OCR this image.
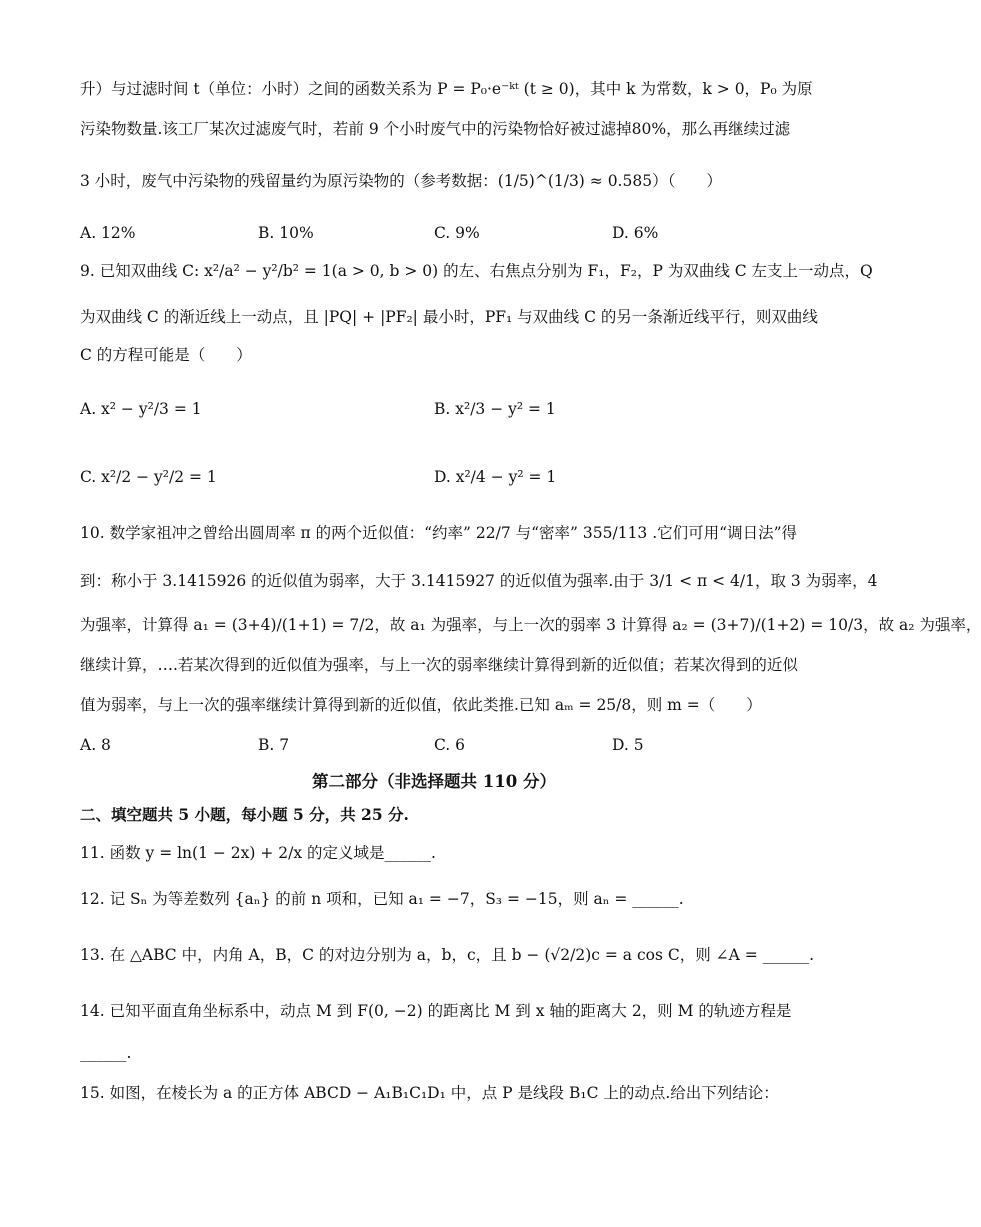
升）与过滤时间 t（单位：小时）之间的函数关系为 P = P₀·e⁻ᵏᵗ (t ≥ 0)，其中 k 为常数，k > 0，P₀ 为原
污染物数量.该工厂某次过滤废气时，若前 9 个小时废气中的污染物恰好被过滤掉80%，那么再继续过滤
3 小时，废气中污染物的残留量约为原污染物的（参考数据：(1/5)^(1/3) ≈ 0.585）（　　）
A. 12%	B. 10%	C. 9%	D. 6%
9. 已知双曲线 C: x²/a² − y²/b² = 1(a > 0, b > 0) 的左、右焦点分别为 F₁，F₂，P 为双曲线 C 左支上一动点，Q
为双曲线 C 的渐近线上一动点，且 |PQ| + |PF₂| 最小时，PF₁ 与双曲线 C 的另一条渐近线平行，则双曲线
C 的方程可能是（　　）
A. x² − y²/3 = 1	B. x²/3 − y² = 1
C. x²/2 − y²/2 = 1	D. x²/4 − y² = 1
10. 数学家祖冲之曾给出圆周率 π 的两个近似值：“约率” 22/7 与“密率” 355/113 .它们可用“调日法”得
到：称小于 3.1415926 的近似值为弱率，大于 3.1415927 的近似值为强率.由于 3/1 < π < 4/1，取 3 为弱率，4
为强率，计算得 a₁ = (3+4)/(1+1) = 7/2，故 a₁ 为强率，与上一次的弱率 3 计算得 a₂ = (3+7)/(1+2) = 10/3，故 a₂ 为强率，
继续计算，….若某次得到的近似值为强率，与上一次的弱率继续计算得到新的近似值；若某次得到的近似
值为弱率，与上一次的强率继续计算得到新的近似值，依此类推.已知 aₘ = 25/8，则 m =（　　）
A. 8	B. 7	C. 6	D. 5
第二部分（非选择题共 110 分）
二、填空题共 5 小题，每小题 5 分，共 25 分.
11. 函数 y = ln(1 − 2x) + 2/x 的定义域是______.
12. 记 Sₙ 为等差数列 {aₙ} 的前 n 项和，已知 a₁ = −7，S₃ = −15，则 aₙ = ______.
13. 在 △ABC 中，内角 A，B，C 的对边分别为 a，b，c，且 b − (√2/2)c = a cos C，则 ∠A = ______.
14. 已知平面直角坐标系中，动点 M 到 F(0, −2) 的距离比 M 到 x 轴的距离大 2，则 M 的轨迹方程是
______.
15. 如图，在棱长为 a 的正方体 ABCD − A₁B₁C₁D₁ 中，点 P 是线段 B₁C 上的动点.给出下列结论：
